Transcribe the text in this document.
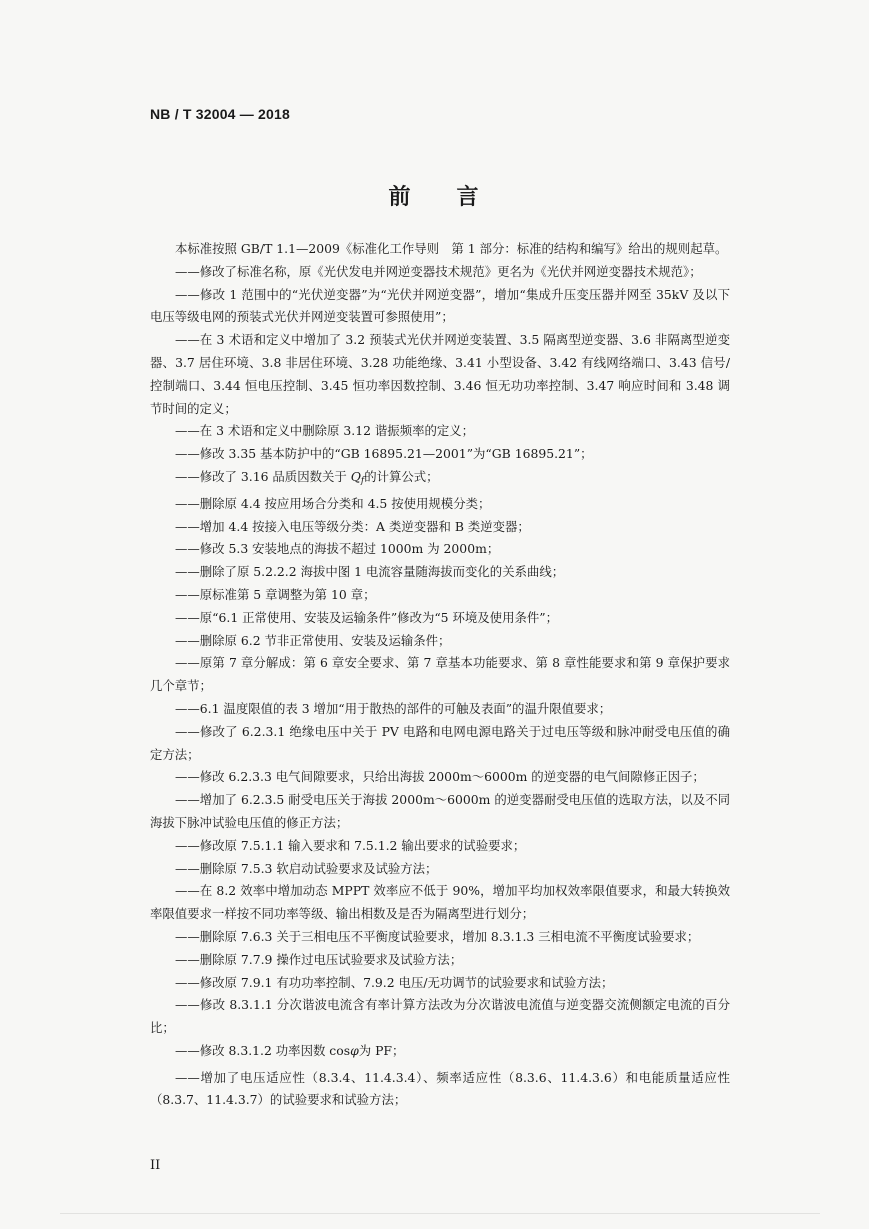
NB / T 32004 — 2018
前 言

本标准按照 GB/T 1.1—2009《标准化工作导则　第 1 部分：标准的结构和编写》给出的规则起草。

——修改了标准名称，原《光伏发电并网逆变器技术规范》更名为《光伏并网逆变器技术规范》；

——修改 1 范围中的“光伏逆变器”为“光伏并网逆变器”，增加“集成升压变压器并网至 35kV 及以下电压等级电网的预装式光伏并网逆变装置可参照使用”；

——在 3 术语和定义中增加了 3.2 预装式光伏并网逆变装置、3.5 隔离型逆变器、3.6 非隔离型逆变器、3.7 居住环境、3.8 非居住环境、3.28 功能绝缘、3.41 小型设备、3.42 有线网络端口、3.43 信号/控制端口、3.44 恒电压控制、3.45 恒功率因数控制、3.46 恒无功功率控制、3.47 响应时间和 3.48 调节时间的定义；

——在 3 术语和定义中删除原 3.12 谐振频率的定义；

——修改 3.35 基本防护中的“GB 16895.21—2001”为“GB 16895.21”；

——修改了 3.16 品质因数关于 $Q_f$的计算公式；

——删除原 4.4 按应用场合分类和 4.5 按使用规模分类；

——增加 4.4 按接入电压等级分类：A 类逆变器和 B 类逆变器；

——修改 5.3 安装地点的海拔不超过 1000m 为 2000m；

——删除了原 5.2.2.2 海拔中图 1 电流容量随海拔而变化的关系曲线；

——原标准第 5 章调整为第 10 章；

——原“6.1 正常使用、安装及运输条件”修改为“5 环境及使用条件”；

——删除原 6.2 节非正常使用、安装及运输条件；

——原第 7 章分解成：第 6 章安全要求、第 7 章基本功能要求、第 8 章性能要求和第 9 章保护要求几个章节；

——6.1 温度限值的表 3 增加“用于散热的部件的可触及表面”的温升限值要求；

——修改了 6.2.3.1 绝缘电压中关于 PV 电路和电网电源电路关于过电压等级和脉冲耐受电压值的确定方法；

——修改 6.2.3.3 电气间隙要求，只给出海拔 2000m～6000m 的逆变器的电气间隙修正因子；

——增加了 6.2.3.5 耐受电压关于海拔 2000m～6000m 的逆变器耐受电压值的选取方法，以及不同海拔下脉冲试验电压值的修正方法；

——修改原 7.5.1.1 输入要求和 7.5.1.2 输出要求的试验要求；

——删除原 7.5.3 软启动试验要求及试验方法；

——在 8.2 效率中增加动态 MPPT 效率应不低于 90%，增加平均加权效率限值要求，和最大转换效率限值要求一样按不同功率等级、输出相数及是否为隔离型进行划分；

——删除原 7.6.3 关于三相电压不平衡度试验要求，增加 8.3.1.3 三相电流不平衡度试验要求；

——删除原 7.7.9 操作过电压试验要求及试验方法；

——修改原 7.9.1 有功功率控制、7.9.2 电压/无功调节的试验要求和试验方法；

——修改 8.3.1.1 分次谐波电流含有率计算方法改为分次谐波电流值与逆变器交流侧额定电流的百分比；

——修改 8.3.1.2 功率因数 cosφ为 PF；

——增加了电压适应性（8.3.4、11.4.3.4）、频率适应性（8.3.6、11.4.3.6）和电能质量适应性（8.3.7、11.4.3.7）的试验要求和试验方法；

II
